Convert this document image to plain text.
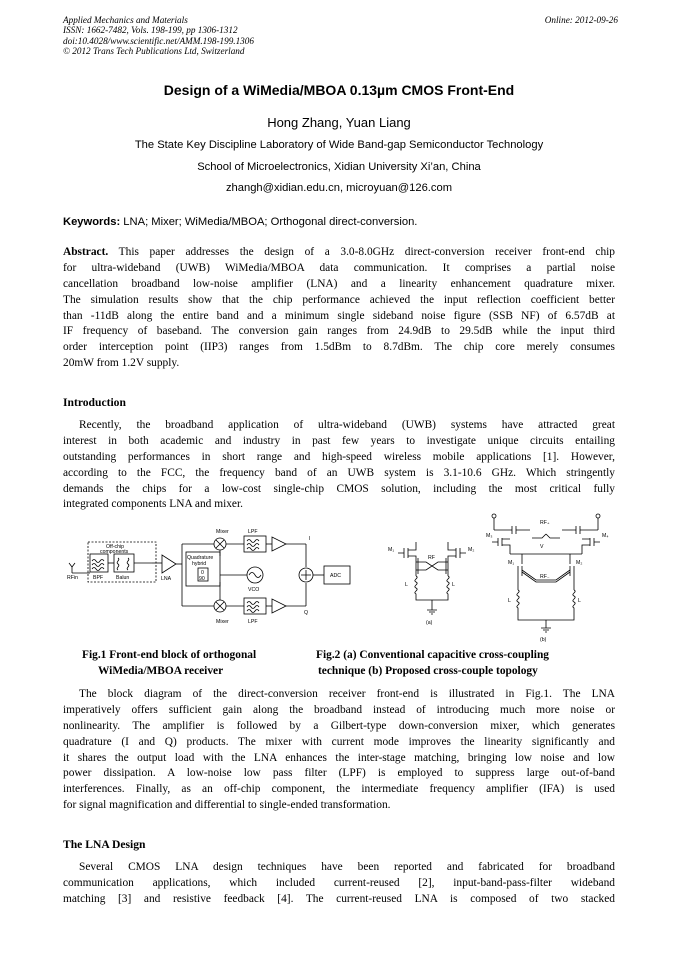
Applied Mechanics and Materials	Online: 2012-09-26
ISSN: 1662-7482, Vols. 198-199, pp 1306-1312
doi:10.4028/www.scientific.net/AMM.198-199.1306
© 2012 Trans Tech Publications Ltd, Switzerland
Design of a WiMedia/MBOA 0.13µm CMOS Front-End
Hong Zhang, Yuan Liang
The State Key Discipline Laboratory of Wide Band-gap Semiconductor Technology
School of Microelectronics, Xidian University Xi’an, China
zhangh@xidian.edu.cn, microyuan@126.com
Keywords: LNA; Mixer; WiMedia/MBOA; Orthogonal direct-conversion.
Abstract. This paper addresses the design of a 3.0-8.0GHz direct-conversion receiver front-end chip
for ultra-wideband (UWB) WiMedia/MBOA data communication. It comprises a partial noise
cancellation broadband low-noise amplifier (LNA) and a linearity enhancement quadrature mixer.
The simulation results show that the chip performance achieved the input reflection coefficient better
than -11dB along the entire band and a minimum single sideband noise figure (SSB NF) of 6.57dB at
IF frequency of baseband. The conversion gain ranges from 24.9dB to 29.5dB while the input third
order interception point (IIP3) ranges from 1.5dBm to 8.7dBm. The chip core merely consumes
20mW from 1.2V supply.
Introduction
Recently, the broadband application of ultra-wideband (UWB) systems have attracted great
interest in both academic and industry in past few years to investigate unique circuits entailing
outstanding performances in short range and high-speed wireless mobile applications [1]. However,
according to the FCC, the frequency band of an UWB system is 3.1-10.6 GHz. Which stringently
demands the chips for a low-cost single-chip CMOS solution, including the most critical fully
integrated components LNA and mixer.
Mixer
Mixer
LPF
LPF
Off-chip
components
RFin	BPF Balun	LNA
Quadrature
hybrid
0
90
VCO
ADC
I
Q
M₁	M₂
RF
L	L
(a)
RF₊
M₃	M₄
V
M₁	M₂
RF₋
L	L
(b)
Fig.1 Front-end block of orthogonal
WiMedia/MBOA receiver
Fig.2 (a) Conventional capacitive cross-coupling
technique (b) Proposed cross-couple topology
The block diagram of the direct-conversion receiver front-end is illustrated in Fig.1. The LNA
imperatively offers sufficient gain along the broadband instead of introducing much more noise or
nonlinearity. The amplifier is followed by a Gilbert-type down-conversion mixer, which generates
quadrature (I and Q) products. The mixer with current mode improves the linearity significantly and
it shares the output load with the LNA enhances the inter-stage matching, bringing low noise and low
power dissipation. A low-noise low pass filter (LPF) is employed to suppress large out-of-band
interferences. Finally, as an off-chip component, the intermediate frequency amplifier (IFA) is used
for signal magnification and differential to single-ended transformation.
The LNA Design
Several CMOS LNA design techniques have been reported and fabricated for broadband
communication applications, which included current-reused [2], input-band-pass-filter wideband
matching [3] and resistive feedback [4]. The current-reused LNA is composed of two stacked
